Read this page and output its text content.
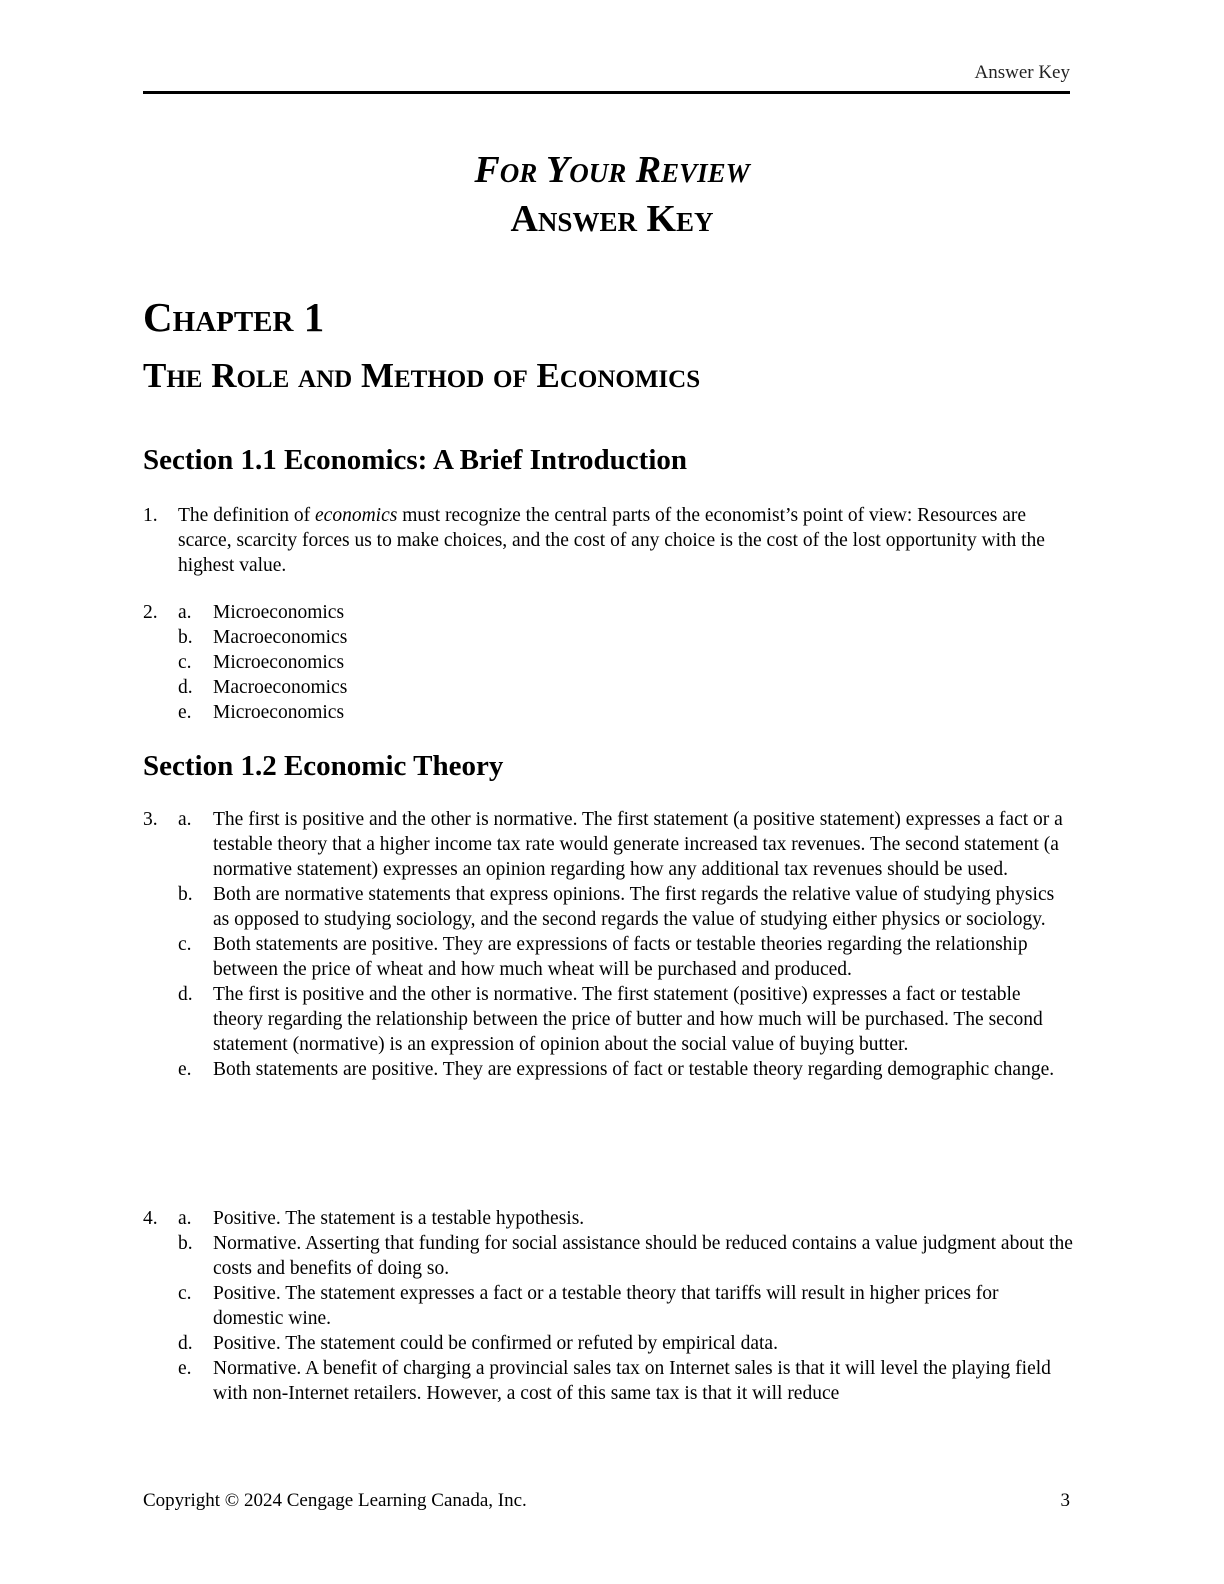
Answer Key
For Your Review
Answer Key
Chapter 1
The Role and Method of Economics
Section 1.1 Economics: A Brief Introduction
1. The definition of economics must recognize the central parts of the economist’s point of view: Resources are scarce, scarcity forces us to make choices, and the cost of any choice is the cost of the lost opportunity with the highest value.
2. a. Microeconomics
b. Macroeconomics
c. Microeconomics
d. Macroeconomics
e. Microeconomics
Section 1.2 Economic Theory
3. a. The first is positive and the other is normative. The first statement (a positive statement) expresses a fact or a testable theory that a higher income tax rate would generate increased tax revenues. The second statement (a normative statement) expresses an opinion regarding how any additional tax revenues should be used.
b. Both are normative statements that express opinions. The first regards the relative value of studying physics as opposed to studying sociology, and the second regards the value of studying either physics or sociology.
c. Both statements are positive. They are expressions of facts or testable theories regarding the relationship between the price of wheat and how much wheat will be purchased and produced.
d. The first is positive and the other is normative. The first statement (positive) expresses a fact or testable theory regarding the relationship between the price of butter and how much will be purchased. The second statement (normative) is an expression of opinion about the social value of buying butter.
e. Both statements are positive. They are expressions of fact or testable theory regarding demographic change.
4. a. Positive. The statement is a testable hypothesis.
b. Normative. Asserting that funding for social assistance should be reduced contains a value judgment about the costs and benefits of doing so.
c. Positive. The statement expresses a fact or a testable theory that tariffs will result in higher prices for domestic wine.
d. Positive. The statement could be confirmed or refuted by empirical data.
e. Normative. A benefit of charging a provincial sales tax on Internet sales is that it will level the playing field with non-Internet retailers. However, a cost of this same tax is that it will reduce
Copyright © 2024 Cengage Learning Canada, Inc.	3
